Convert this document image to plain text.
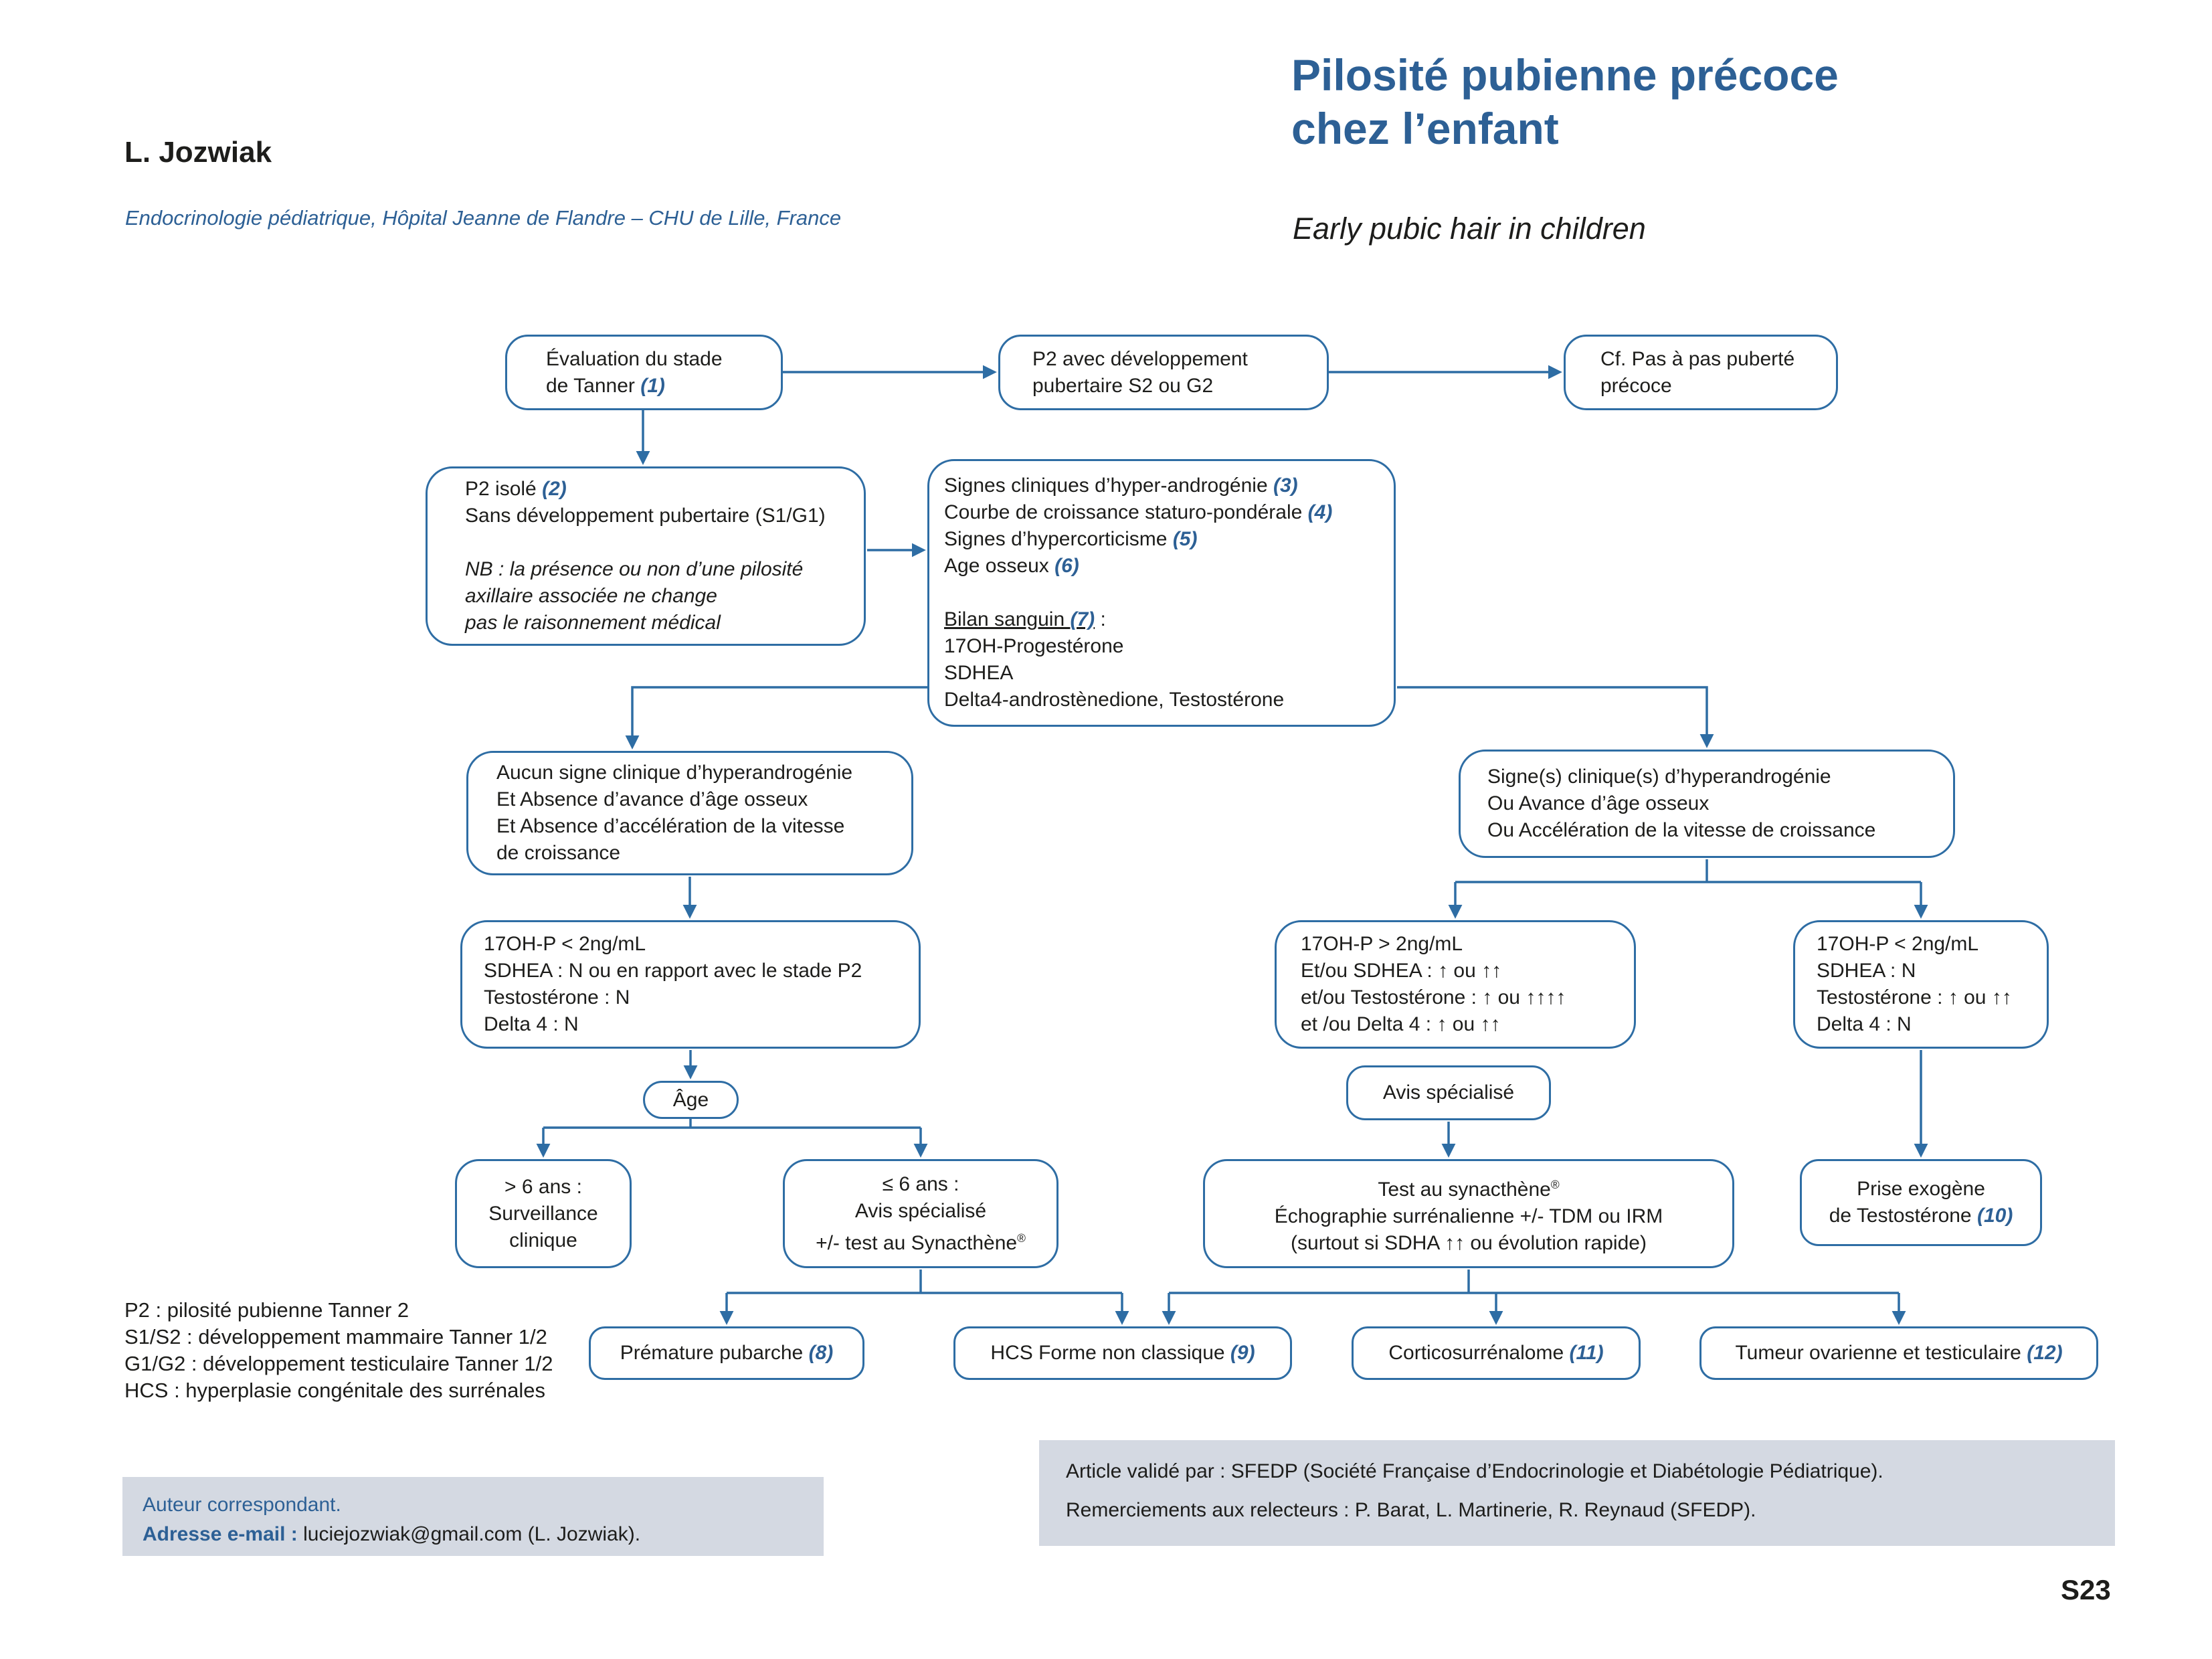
L. Jozwiak
Endocrinologie pédiatrique, Hôpital Jeanne de Flandre – CHU de Lille, France
Pilosité pubienne précoce
chez l’enfant
Early pubic hair in children
Évaluation du stade
de Tanner (1)
P2 avec développement
pubertaire S2 ou G2
Cf. Pas à pas puberté
précoce
P2 isolé (2)
Sans développement pubertaire (S1/G1)
NB : la présence ou non d’une pilosité
axillaire associée ne change
pas le raisonnement médical
Signes cliniques d’hyper-androgénie (3)
Courbe de croissance staturo-pondérale (4)
Signes d’hypercorticisme (5)
Age osseux (6)
Bilan sanguin (7) :
17OH-Progestérone
SDHEA
Delta4-androstènedione, Testostérone
Aucun signe clinique d’hyperandrogénie
Et Absence d’avance d’âge osseux
Et Absence d’accélération de la vitesse
de croissance
Signe(s) clinique(s) d’hyperandrogénie
Ou Avance d’âge osseux
Ou Accélération de la vitesse de croissance
17OH-P < 2ng/mL
SDHEA : N ou en rapport avec le stade P2
Testostérone : N
Delta 4 : N
17OH-P > 2ng/mL
Et/ou SDHEA : ↑ ou ↑↑
et/ou Testostérone : ↑ ou ↑↑↑↑
et /ou Delta 4 : ↑ ou ↑↑
17OH-P < 2ng/mL
SDHEA : N
Testostérone : ↑ ou ↑↑
Delta 4 : N
Âge	Avis spécialisé
> 6 ans :
Surveillance
clinique
≤ 6 ans :
Avis spécialisé
+/- test au Synacthène®
Test au synacthène®
Échographie surrénalienne +/- TDM ou IRM
(surtout si SDHA ↑↑ ou évolution rapide)
Prise exogène
de Testostérone (10)
Prémature pubarche (8)	HCS Forme non classique (9)	Corticosurrénalome (11)	Tumeur ovarienne et testiculaire (12)
P2 : pilosité pubienne Tanner 2
S1/S2 : développement mammaire Tanner 1/2
G1/G2 : développement testiculaire Tanner 1/2
HCS : hyperplasie congénitale des surrénales
Auteur correspondant.
Adresse e-mail : luciejozwiak@gmail.com (L. Jozwiak).
Article validé par : SFEDP (Société Française d’Endocrinologie et Diabétologie Pédiatrique).
Remerciements aux relecteurs : P. Barat, L. Martinerie, R. Reynaud (SFEDP).
S23
